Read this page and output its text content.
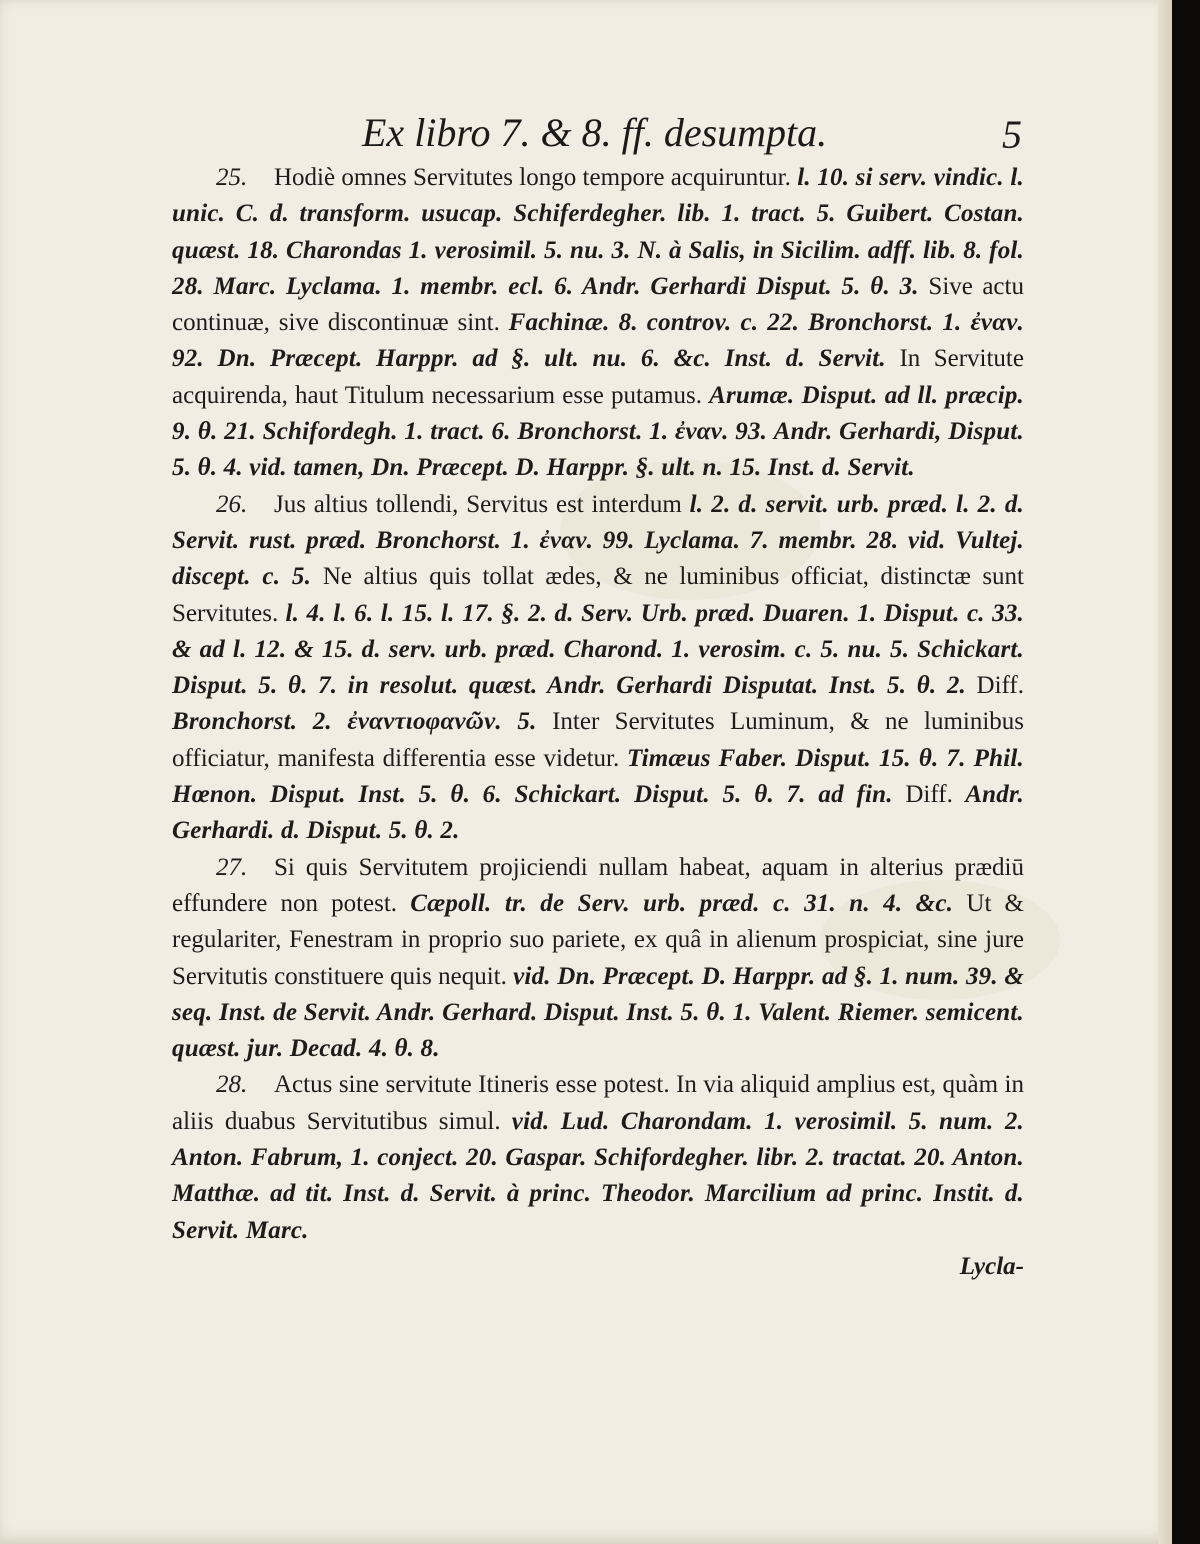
Ex libro 7. & 8. ff. desumpta.	5

25. Hodiè omnes Servitutes longo tempore acquiruntur. l. 10. si serv. vindic. l. unic. C. d. transform. usucap. Schiferdegher. lib. 1. tract. 5. Guibert. Costan. quæst. 18. Charondas 1. verosimil. 5. nu. 3. N. à Salis, in Sicilim. adff. lib. 8. fol. 28. Marc. Lyclama. 1. membr. ecl. 6. Andr. Gerhardi Disput. 5. θ. 3. Sive actu continuæ, sive discontinuæ sint. Fachinæ. 8. controv. c. 22. Bronchorst. 1. ἐναν. 92. Dn. Præcept. Harppr. ad §. ult. nu. 6. &c. Inst. d. Servit. In Servitute acquirenda, haut Titulum necessarium esse putamus. Arumæ. Disput. ad ll. præcip. 9. θ. 21. Schifordegh. 1. tract. 6. Bronchorst. 1. ἐναν. 93. Andr. Gerhardi, Disput. 5. θ. 4. vid. tamen, Dn. Præcept. D. Harppr. §. ult. n. 15. Inst. d. Servit.

26. Jus altius tollendi, Servitus est interdum l. 2. d. servit. urb. præd. l. 2. d. Servit. rust. præd. Bronchorst. 1. ἐναν. 99. Lyclama. 7. membr. 28. vid. Vultej. discept. c. 5. Ne altius quis tollat ædes, & ne luminibus officiat, distinctæ sunt Servitutes. l. 4. l. 6. l. 15. l. 17. §. 2. d. Serv. Urb. præd. Duaren. 1. Disput. c. 33. & ad l. 12. & 15. d. serv. urb. præd. Charond. 1. verosim. c. 5. nu. 5. Schickart. Disput. 5. θ. 7. in resolut. quæst. Andr. Gerhardi Disputat. Inst. 5. θ. 2. Diff. Bronchorst. 2. ἐναντιοφανῶν. 5. Inter Servitutes Luminum, & ne luminibus officiatur, manifesta differentia esse videtur. Timæus Faber. Disput. 15. θ. 7. Phil. Hœnon. Disput. Inst. 5. θ. 6. Schickart. Disput. 5. θ. 7. ad fin. Diff. Andr. Gerhardi. d. Disput. 5. θ. 2.

27. Si quis Servitutem projiciendi nullam habeat, aquam in alterius prædiū effundere non potest. Cæpoll. tr. de Serv. urb. præd. c. 31. n. 4. &c. Ut & regulariter, Fenestram in proprio suo pariete, ex quâ in alienum prospiciat, sine jure Servitutis constituere quis nequit. vid. Dn. Præcept. D. Harppr. ad §. 1. num. 39. & seq. Inst. de Servit. Andr. Gerhard. Disput. Inst. 5. θ. 1. Valent. Riemer. semicent. quæst. jur. Decad. 4. θ. 8.

28. Actus sine servitute Itineris esse potest. In via aliquid amplius est, quàm in aliis duabus Servitutibus simul. vid. Lud. Charondam. 1. verosimil. 5. num. 2. Anton. Fabrum, 1. conject. 20. Gaspar. Schifordegher. libr. 2. tractat. 20. Anton. Matthæ. ad tit. Inst. d. Servit. à princ. Theodor. Marcilium ad princ. Instit. d. Servit. Marc.

Lycla-
